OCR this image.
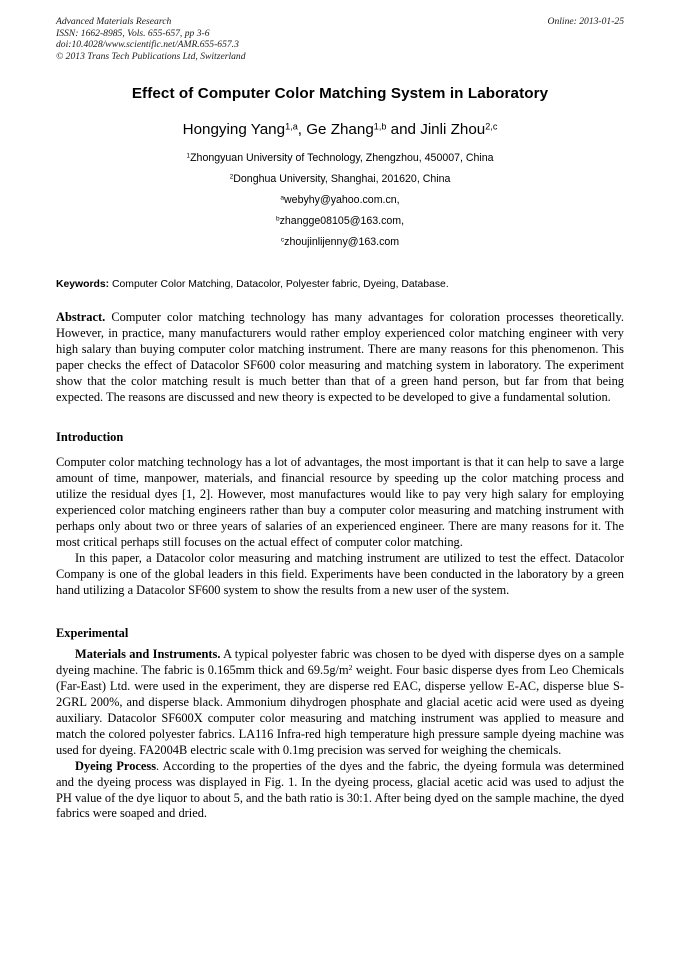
Advanced Materials Research
ISSN: 1662-8985, Vols. 655-657, pp 3-6
doi:10.4028/www.scientific.net/AMR.655-657.3
© 2013 Trans Tech Publications Ltd, Switzerland
Online: 2013-01-25
Effect of Computer Color Matching System in Laboratory
Hongying Yang$^{1,a}$, Ge Zhang$^{1,b}$ and Jinli Zhou$^{2,c}$
$^1$Zhongyuan University of Technology, Zhengzhou, 450007, China
$^2$Donghua University, Shanghai, 201620, China
$^a$webyhy@yahoo.com.cn,
$^b$zhangge08105@163.com,
$^c$zhoujinlijenny@163.com

Keywords: Computer Color Matching, Datacolor, Polyester fabric, Dyeing, Database.

Abstract. Computer color matching technology has many advantages for coloration processes theoretically. However, in practice, many manufacturers would rather employ experienced color matching engineer with very high salary than buying computer color matching instrument. There are many reasons for this phenomenon. This paper checks the effect of Datacolor SF600 color measuring and matching system in laboratory. The experiment show that the color matching result is much better than that of a green hand person, but far from that being expected. The reasons are discussed and new theory is expected to be developed to give a fundamental solution.

Introduction

Computer color matching technology has a lot of advantages, the most important is that it can help to save a large amount of time, manpower, materials, and financial resource by speeding up the color matching process and utilize the residual dyes [1, 2]. However, most manufactures would like to pay very high salary for employing experienced color matching engineers rather than buy a computer color measuring and matching instrument with perhaps only about two or three years of salaries of an experienced engineer. There are many reasons for it. The most critical perhaps still focuses on the actual effect of computer color matching.

In this paper, a Datacolor color measuring and matching instrument are utilized to test the effect. Datacolor Company is one of the global leaders in this field. Experiments have been conducted in the laboratory by a green hand utilizing a Datacolor SF600 system to show the results from a new user of the system.

Experimental

Materials and Instruments. A typical polyester fabric was chosen to be dyed with disperse dyes on a sample dyeing machine. The fabric is 0.165mm thick and $69.5g/m^2$ weight. Four basic disperse dyes from Leo Chemicals (Far-East) Ltd. were used in the experiment, they are disperse red EAC, disperse yellow E-AC, disperse blue S-2GRL 200%, and disperse black. Ammonium dihydrogen phosphate and glacial acetic acid were used as dyeing auxiliary. Datacolor SF600X computer color measuring and matching instrument was applied to measure and match the colored polyester fabrics. LA116 Infra-red high temperature high pressure sample dyeing machine was used for dyeing. FA2004B electric scale with 0.1mg precision was served for weighing the chemicals.

Dyeing Process. According to the properties of the dyes and the fabric, the dyeing formula was determined and the dyeing process was displayed in Fig. 1. In the dyeing process, glacial acetic acid was used to adjust the PH value of the dye liquor to about 5, and the bath ratio is 30:1. After being dyed on the sample machine, the dyed fabrics were soaped and dried.
